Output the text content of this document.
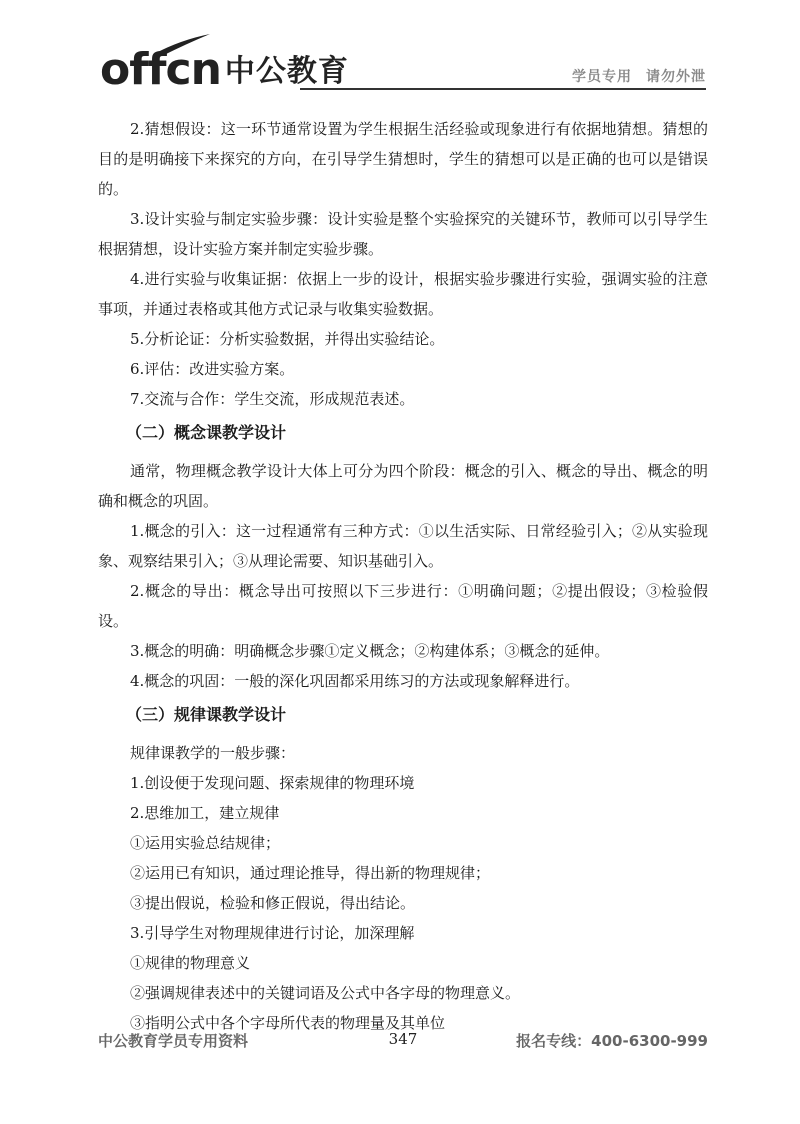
offcn 中公教育	学员专用 请勿外泄

2.猜想假设：这一环节通常设置为学生根据生活经验或现象进行有依据地猜想。猜想的目的是明确接下来探究的方向，在引导学生猜想时，学生的猜想可以是正确的也可以是错误的。

3.设计实验与制定实验步骤：设计实验是整个实验探究的关键环节，教师可以引导学生根据猜想，设计实验方案并制定实验步骤。

4.进行实验与收集证据：依据上一步的设计，根据实验步骤进行实验，强调实验的注意事项，并通过表格或其他方式记录与收集实验数据。

5.分析论证：分析实验数据，并得出实验结论。

6.评估：改进实验方案。

7.交流与合作：学生交流，形成规范表述。

（二）概念课教学设计

通常，物理概念教学设计大体上可分为四个阶段：概念的引入、概念的导出、概念的明确和概念的巩固。

1.概念的引入：这一过程通常有三种方式：①以生活实际、日常经验引入；②从实验现象、观察结果引入；③从理论需要、知识基础引入。

2.概念的导出：概念导出可按照以下三步进行：①明确问题；②提出假设；③检验假设。

3.概念的明确：明确概念步骤①定义概念；②构建体系；③概念的延伸。

4.概念的巩固：一般的深化巩固都采用练习的方法或现象解释进行。

（三）规律课教学设计

规律课教学的一般步骤：

1.创设便于发现问题、探索规律的物理环境

2.思维加工，建立规律

①运用实验总结规律；

②运用已有知识，通过理论推导，得出新的物理规律；

③提出假说，检验和修正假说，得出结论。

3.引导学生对物理规律进行讨论，加深理解

①规律的物理意义

②强调规律表述中的关键词语及公式中各字母的物理意义。

③指明公式中各个字母所代表的物理量及其单位

中公教育学员专用资料	347	报名专线：400-6300-999
